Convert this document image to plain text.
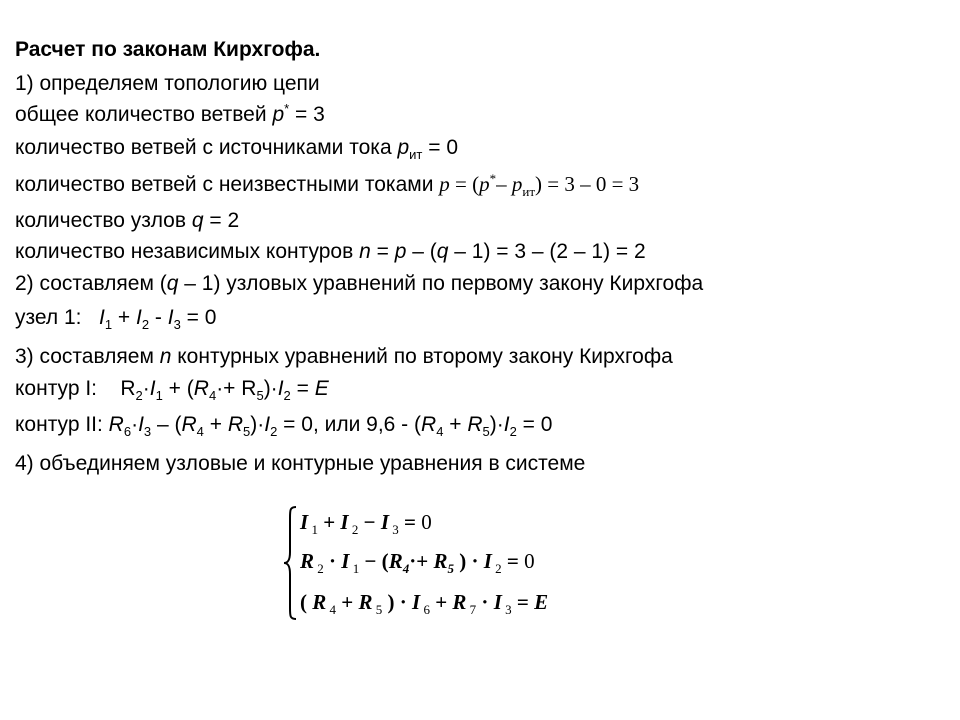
Расчет по законам Кирхгофа.
1) определяем топологию цепи
общее количество ветвей p* = 3
количество ветвей с источниками тока $p_{ит} = 0$
количество ветвей с неизвестными токами p = (p*– $p_{ит}) = 3 - 0 = 3$
количество узлов q = 2
количество независимых контуров n = p – (q – 1) = 3 – (2 – 1) = 2
2) составляем (q – 1) узловых уравнений по первому закону Кирхгофа
узел 1: $I_1 + I_2 - I_3 = 0$
3) составляем n контурных уравнений по второму закону Кирхгофа
контур I:    $R_2\cdot I_1 + (R_4\cdot+ R_5)\cdot I_2 = E$
контур II: $R_6\cdot I_3 - (R_4 + R_5)\cdot I_2 = 0$, или $9,6 - (R_4 + R_5)\cdot I_2 = 0$
4) объединяем узловые и контурные уравнения в системе
I $_1$ + I $_2$ − I $_3$ = 0
R $_2$ · I $_1 - (R_4\cdot+ R_5$ ) · I $_2$ = 0
( R $_4$ + R $_5$ ) · I $_6$ + R $_7$ · I $_3$ = E
